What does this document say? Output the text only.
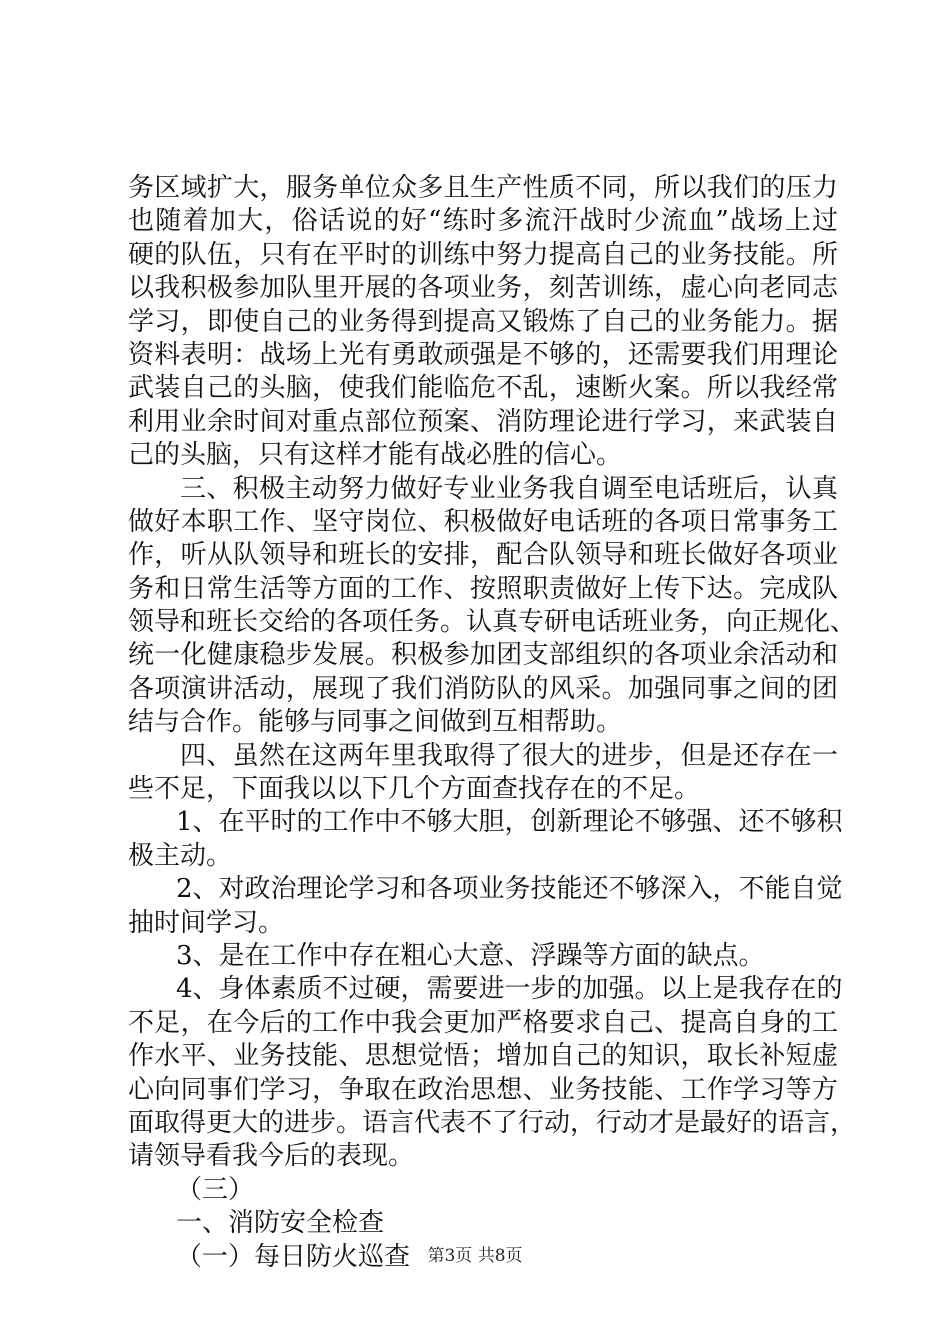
务区域扩大，服务单位众多且生产性质不同，所以我们的压力
也随着加大，俗话说的好“练时多流汗战时少流血”战场上过
硬的队伍，只有在平时的训练中努力提高自己的业务技能。所
以我积极参加队里开展的各项业务，刻苦训练，虚心向老同志
学习，即使自己的业务得到提高又锻炼了自己的业务能力。据
资料表明：战场上光有勇敢顽强是不够的，还需要我们用理论
武装自己的头脑，使我们能临危不乱，速断火案。所以我经常
利用业余时间对重点部位预案、消防理论进行学习，来武装自
己的头脑，只有这样才能有战必胜的信心。
三、积极主动努力做好专业业务我自调至电话班后，认真
做好本职工作、坚守岗位、积极做好电话班的各项日常事务工
作，听从队领导和班长的安排，配合队领导和班长做好各项业
务和日常生活等方面的工作、按照职责做好上传下达。完成队
领导和班长交给的各项任务。认真专研电话班业务，向正规化、
统一化健康稳步发展。积极参加团支部组织的各项业余活动和
各项演讲活动，展现了我们消防队的风采。加强同事之间的团
结与合作。能够与同事之间做到互相帮助。
四、虽然在这两年里我取得了很大的进步，但是还存在一
些不足，下面我以以下几个方面查找存在的不足。
1、在平时的工作中不够大胆，创新理论不够强、还不够积
极主动。
2、对政治理论学习和各项业务技能还不够深入，不能自觉
抽时间学习。
3、是在工作中存在粗心大意、浮躁等方面的缺点。
4、身体素质不过硬，需要进一步的加强。以上是我存在的
不足，在今后的工作中我会更加严格要求自己、提高自身的工
作水平、业务技能、思想觉悟；增加自己的知识，取长补短虚
心向同事们学习，争取在政治思想、业务技能、工作学习等方
面取得更大的进步。语言代表不了行动，行动才是最好的语言，
请领导看我今后的表现。
（三）
一、消防安全检查
（一）每日防火巡查	第3页 共8页
